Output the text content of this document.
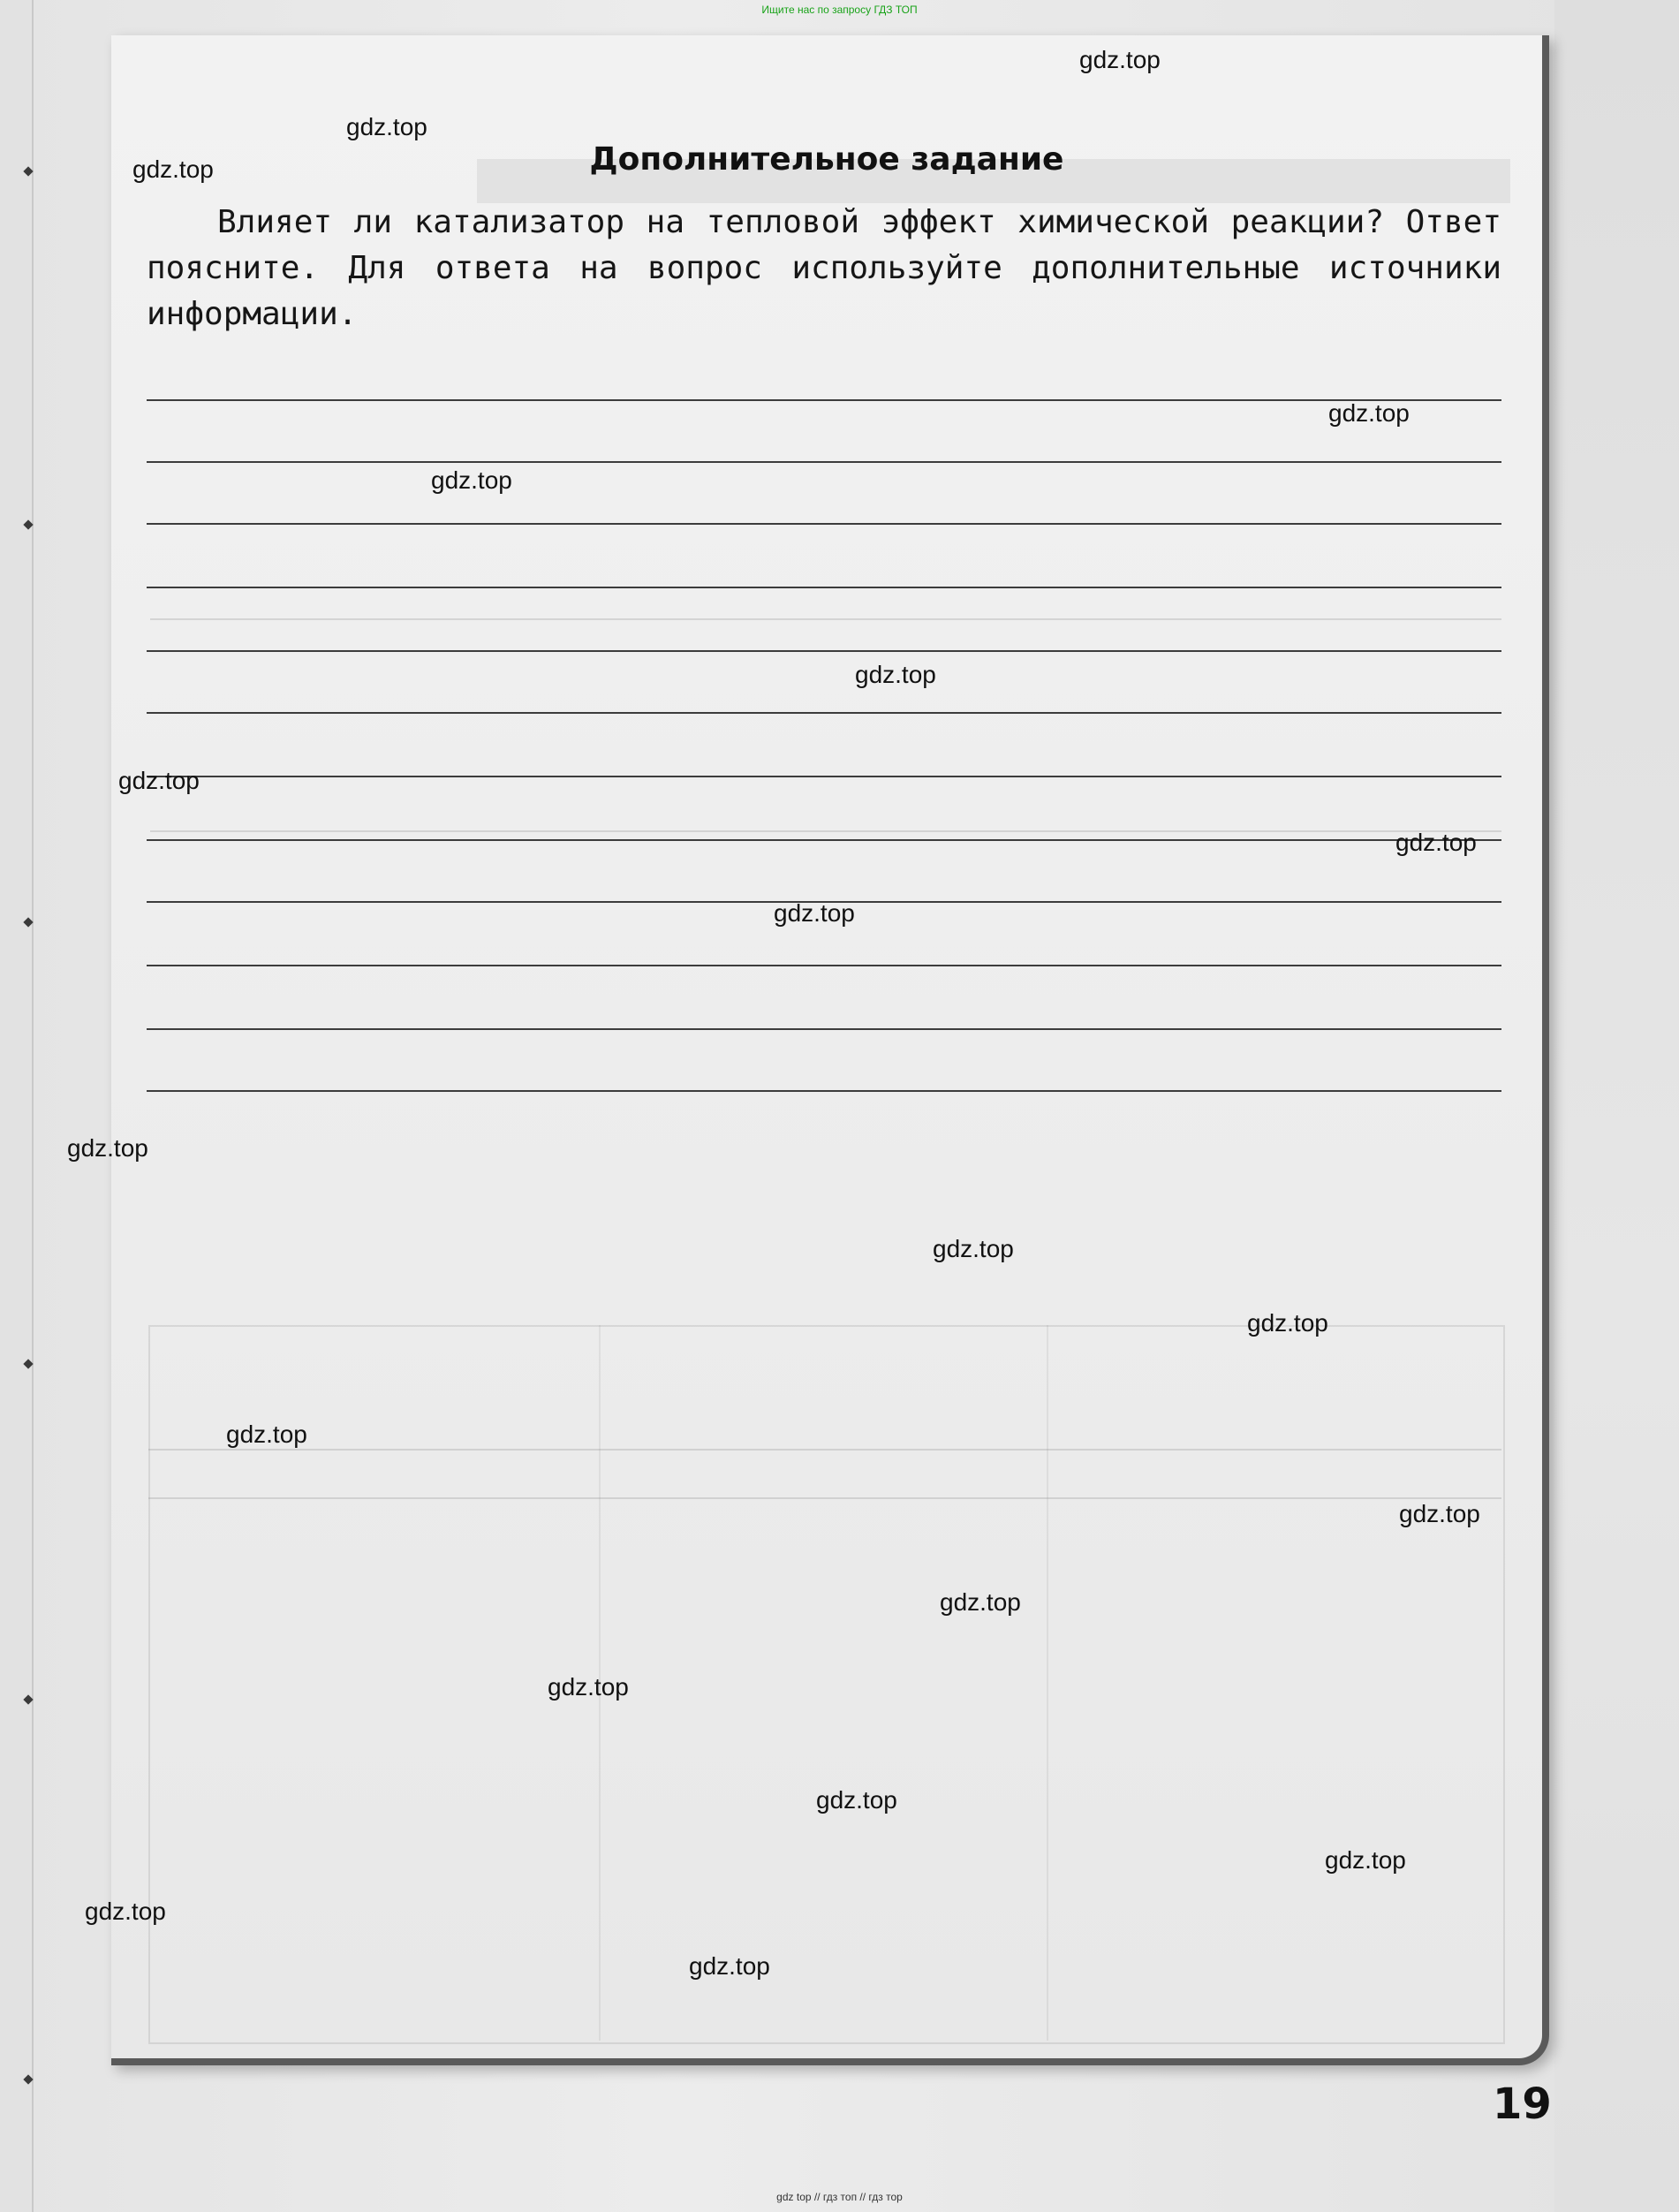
Ищите нас по запросу ГДЗ ТОП
Дополнительное задание

Влияет ли катализатор на тепловой эффект химической реакции? Ответ поясните. Для ответа на вопрос используйте дополнительные источники информации.

19
gdz.top
gdz.top
gdz.top
gdz.top
gdz.top
gdz.top
gdz.top
gdz.top
gdz.top
gdz.top
gdz.top
gdz.top
gdz.top
gdz.top
gdz.top
gdz.top
gdz.top
gdz.top
gdz.top
gdz.top
gdz top // гдз топ // гдз тор
